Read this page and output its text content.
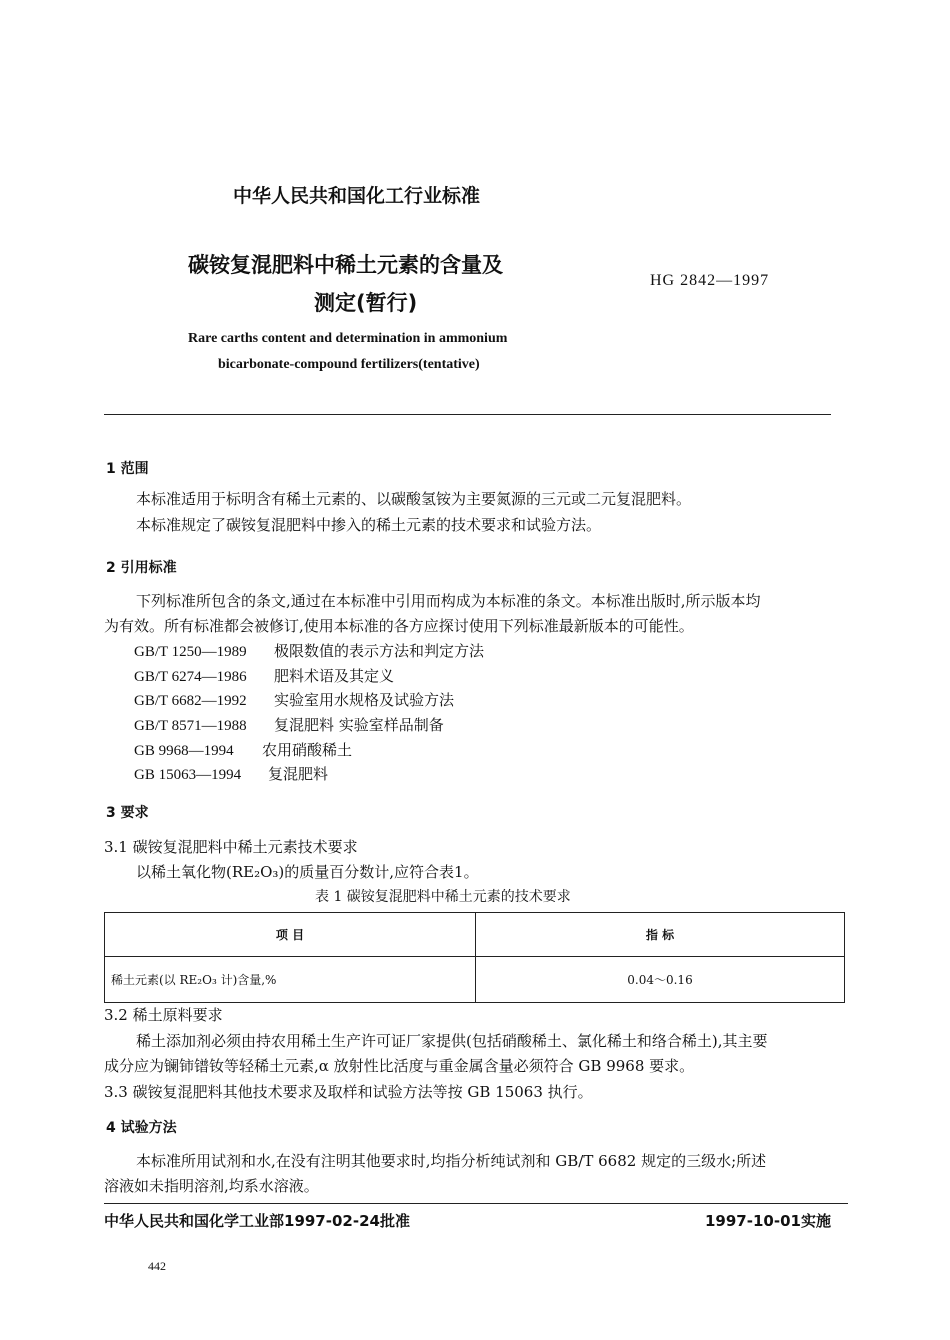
中华人民共和国化工行业标准
碳铵复混肥料中稀土元素的含量及
测定(暂行)
HG 2842—1997
Rare carths content and determination in ammonium
bicarbonate-compound fertilizers(tentative)
1 范围
本标准适用于标明含有稀土元素的、以碳酸氢铵为主要氮源的三元或二元复混肥料。
本标准规定了碳铵复混肥料中掺入的稀土元素的技术要求和试验方法。
2 引用标准
下列标准所包含的条文,通过在本标准中引用而构成为本标准的条文。本标准出版时,所示版本均
为有效。所有标准都会被修订,使用本标准的各方应探讨使用下列标准最新版本的可能性。
GB/T 1250—1989 极限数值的表示方法和判定方法
GB/T 6274—1986 肥料术语及其定义
GB/T 6682—1992 实验室用水规格及试验方法
GB/T 8571—1988 复混肥料 实验室样品制备
GB 9968—1994 农用硝酸稀土
GB 15063—1994 复混肥料
3 要求
3.1 碳铵复混肥料中稀土元素技术要求
以稀土氧化物(RE₂O₃)的质量百分数计,应符合表1。
表 1 碳铵复混肥料中稀土元素的技术要求
项 目	指 标
稀土元素(以 RE₂O₃ 计)含量,%	0.04～0.16
3.2 稀土原料要求
稀土添加剂必须由持农用稀土生产许可证厂家提供(包括硝酸稀土、氯化稀土和络合稀土),其主要
成分应为镧铈镨钕等轻稀土元素,α 放射性比活度与重金属含量必须符合 GB 9968 要求。
3.3 碳铵复混肥料其他技术要求及取样和试验方法等按 GB 15063 执行。
4 试验方法
本标准所用试剂和水,在没有注明其他要求时,均指分析纯试剂和 GB/T 6682 规定的三级水;所述
溶液如未指明溶剂,均系水溶液。
中华人民共和国化学工业部1997-02-24批准	1997-10-01实施
442
